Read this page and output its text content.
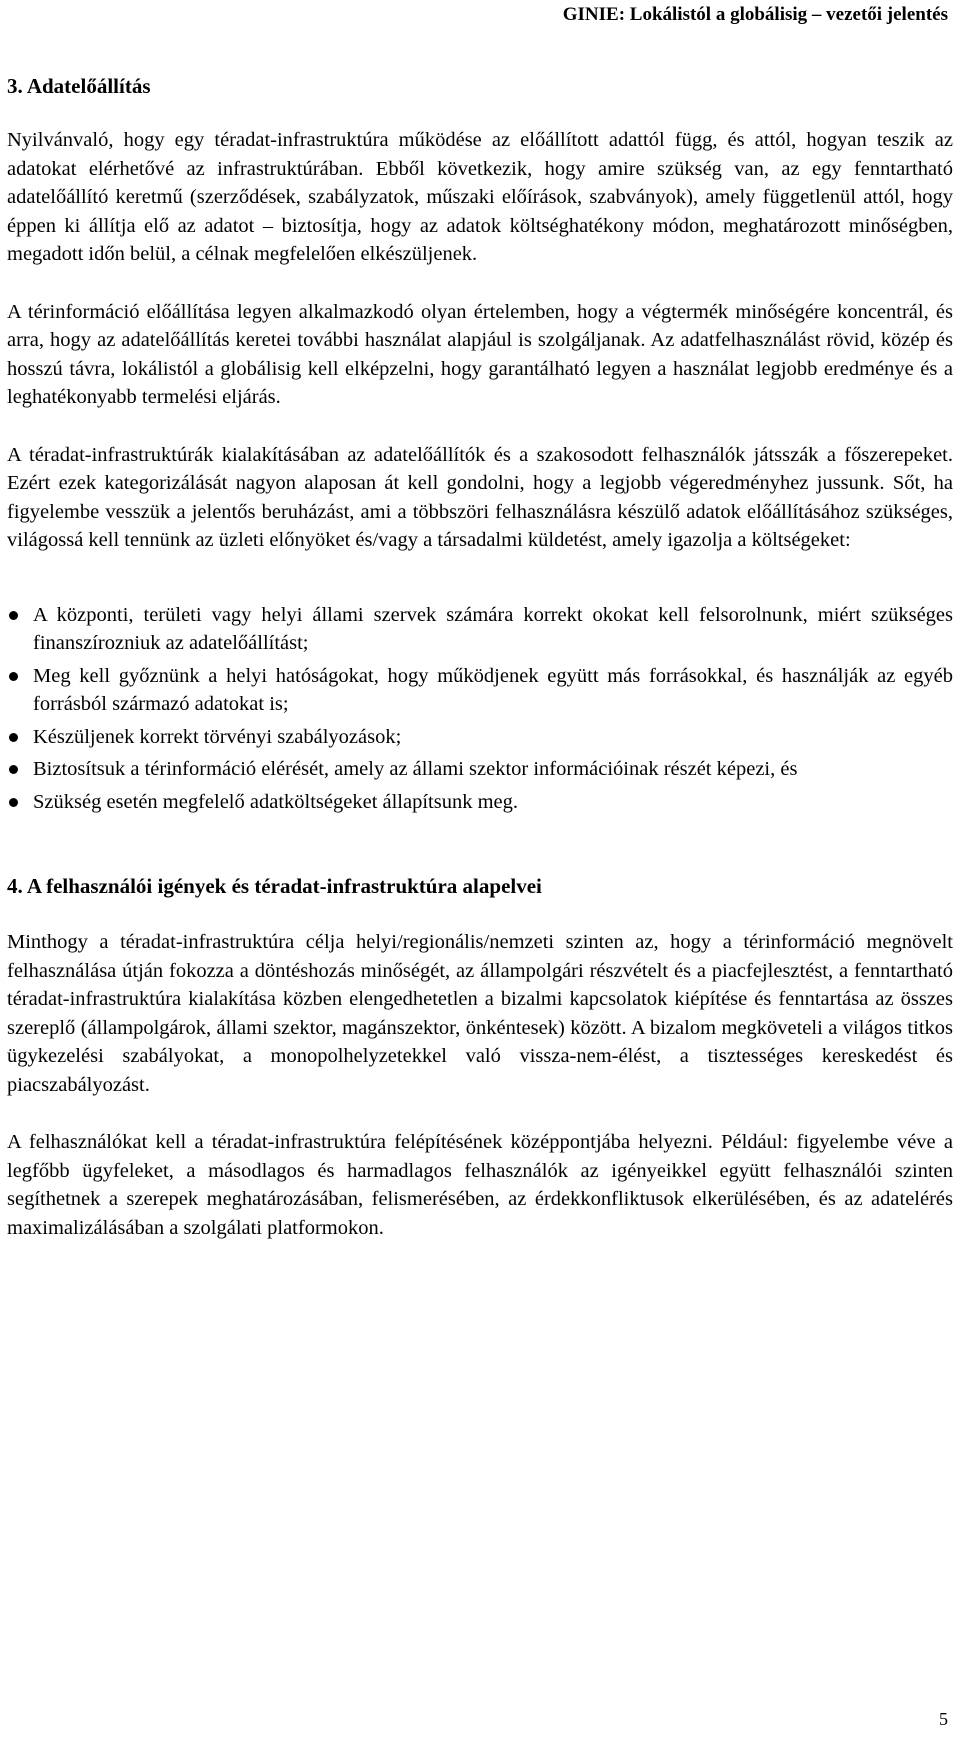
GINIE: Lokálistól a globálisig – vezetői jelentés
3. Adatelőállítás

Nyilvánvaló, hogy egy téradat-infrastruktúra működése az előállított adattól függ, és attól, hogyan teszik az adatokat elérhetővé az infrastruktúrában. Ebből következik, hogy amire szükség van, az egy fenntartható adatelőállító keretmű (szerződések, szabályzatok, műszaki előírások, szabványok), amely függetlenül attól, hogy éppen ki állítja elő az adatot – biztosítja, hogy az adatok költséghatékony módon, meghatározott minőségben, megadott időn belül, a célnak megfelelően elkészüljenek.

A térinformáció előállítása legyen alkalmazkodó olyan értelemben, hogy a végtermék minőségére koncentrál, és arra, hogy az adatelőállítás keretei további használat alapjául is szolgáljanak. Az adatfelhasználást rövid, közép és hosszú távra, lokálistól a globálisig kell elképzelni, hogy garantálható legyen a használat legjobb eredménye és a leghatékonyabb termelési eljárás.

A téradat-infrastruktúrák kialakításában az adatelőállítók és a szakosodott felhasználók játsszák a főszerepeket. Ezért ezek kategorizálását nagyon alaposan át kell gondolni, hogy a legjobb végeredményhez jussunk. Sőt, ha figyelembe vesszük a jelentős beruházást, ami a többszöri felhasználásra készülő adatok előállításához szükséges, világossá kell tennünk az üzleti előnyöket és/vagy a társadalmi küldetést, amely igazolja a költségeket:

A központi, területi vagy helyi állami szervek számára korrekt okokat kell felsorolnunk, miért szükséges finanszírozniuk az adatelőállítást;
Meg kell győznünk a helyi hatóságokat, hogy működjenek együtt más forrásokkal, és használják az egyéb forrásból származó adatokat is;
Készüljenek korrekt törvényi szabályozások;
Biztosítsuk a térinformáció elérését, amely az állami szektor információinak részét képezi, és
Szükség esetén megfelelő adatköltségeket állapítsunk meg.
4. A felhasználói igények és téradat-infrastruktúra alapelvei

Minthogy a téradat-infrastruktúra célja helyi/regionális/nemzeti szinten az, hogy a térinformáció megnövelt felhasználása útján fokozza a döntéshozás minőségét, az állampolgári részvételt és a piacfejlesztést, a fenntartható téradat-infrastruktúra kialakítása közben elengedhetetlen a bizalmi kapcsolatok kiépítése és fenntartása az összes szereplő (állampolgárok, állami szektor, magánszektor, önkéntesek) között. A bizalom megköveteli a világos titkos ügykezelési szabályokat, a monopolhelyzetekkel való vissza-nem-élést, a tisztességes kereskedést és piacszabályozást.

A felhasználókat kell a téradat-infrastruktúra felépítésének középpontjába helyezni. Például: figyelembe véve a legfőbb ügyfeleket, a másodlagos és harmadlagos felhasználók az igényeikkel együtt felhasználói szinten segíthetnek a szerepek meghatározásában, felismerésében, az érdekkonfliktusok elkerülésében, és az adatelérés maximalizálásában a szolgálati platformokon.

5
